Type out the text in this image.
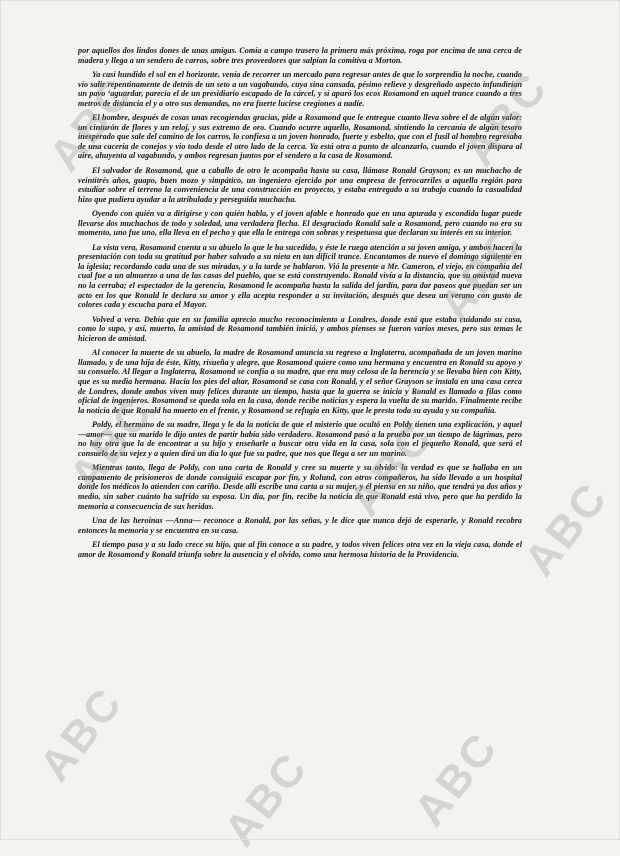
por aquellos dos lindos dones de unas amigas. Comía a campo trasero la primera más próxima, roga por encima de una cerca de madera y llega a un sendero de carros, sobre tres proveedores que salpían la comitiva a Morton.

Ya casi hundido el sol en el horizonte, venía de recorrer un mercado para regresar antes de que lo sorprendía la noche, cuando vio salir repentinamente de detrás de un seto a un vagabundo, cuya sina cansada, pésimo relieve y desgreñado aspecto infundirían un pavo ‘aguardar, parecía el de un presidiario escapado de la cárcel, y sí apuró los ecos Rosamond en aquel trance cuando a tres metros de distancia el y a otro sus demandas, no era fuerte lucirse cregiones a nadie.

El hombre, después de cosas unas recogiendas gracias, pide a Rosamond que le entregue cuanto lleva sobre el de algún valor: un cinturón de flores y un reloj, y sus extremo de oro. Cuando ocurre aquello, Rosamond, sintiendo la cercanía de algún tesoro inesperado que sale del camino de los carros, lo confiesa a un joven honrado, fuerte y esbelto, que con el fusil al hombro regresaba de una cacería de conejos y vio todo desde el otro lado de la cerca. Ya está otra a punto de alcanzarlo, cuando el joven dispara al aire, ahuyenta al vagabundo, y ambos regresan juntos por el sendero a la casa de Rosamond.

El salvador de Rosamond, que a caballo de otro le acompaña hasta su casa, llámase Ronald Grayson; es un muchacho de veintitrés años, guapo, buen mozo y simpático, un ingeniero ejercido por una empresa de ferrocarriles a aquella región para estudiar sobre el terreno la conveniencia de una construcción en proyecto, y estaba entregado a su trabajo cuando la casualidad hizo que pudiera ayudar a la atribulada y perseguida muchacha.

Oyendo con quién va a dirigirse y con quién habla, y el joven afable e honrado que en una apurada y escondida lugar puede llevarse dos muchachos de todo y soledad, una verdadera flecha. El desgraciado Ronald sale a Rosamond, pero cuando no era su momento, uno fue uno, ella lleva en el pecho y que ella le entrega con sobras y respetuosa que declaran su interés en su interior.

La vista vera, Rosamond cuenta a su abuelo lo que le ha sucedido, y éste le ruega atención a su joven amiga, y ambos hacen la presentación con toda su gratitud por haber salvado a su nieta en tan difícil trance. Encantamos de nuevo el domingo siguiente en la iglesia; recordando cada una de sus miradas, y a la tarde se hablaron. Vió la presente a Mr. Cameron, el viejo, en compañía del cual fue a un almuerzo a una de las casas del pueblo, que se está construyendo. Ronald vivía a la distancia, que su amistad nueva no la cerraba; el espectador de la gerencia, Rosamond le acompaña hasta la salida del jardín, para dar paseos que puedan ser un acto en los que Ronald le declara su amor y ella acepta responder a su invitación, después que desea un verano con gusto de colores cada y escucha para el Mayor.

Volved a vera. Debía que en su familia aprecio mucho reconocimiento a Londres, donde está que estaba cuidando su casa, como lo supo, y así, muerto, la amistad de Rosamond también inició, y ambos pienses se fueron varios meses, pero sus temas le hicieron de amistad.

Al conocer la muerte de su abuelo, la madre de Rosamond anuncia su regreso a Inglaterra, acompañada de un joven marino llamado, y de una hija de éste, Kitty, risueña y alegre, que Rosamond quiere como una hermana y encuentra en Ronald su apoyo y su consuelo. Al llegar a Inglaterra, Rosamond se confía a su madre, que era muy celosa de la herencia y se llevaba bien con Kitty, que es su media hermana. Hacia los pies del altar, Rosamond se casa con Ronald, y el señor Grayson se instala en una casa cerca de Londres, donde ambos viven muy felices durante un tiempo, hasta que la guerra se inicia y Ronald es llamado a filas como oficial de ingenieros. Rosamond se queda sola en la casa, donde recibe noticias y espera la vuelta de su marido. Finalmente recibe la noticia de que Ronald ha muerto en el frente, y Rosamond se refugia en Kitty, que le presta toda su ayuda y su compañía.

Poldy, el hermano de su madre, llega y le da la noticia de que el misterio que ocultó en Poldy tienen una explicación, y aquel —amor— que su marido le dijo antes de partir había sido verdadero. Rosamond pasó a la prueba por un tiempo de lágrimas, pero no hay otra que la de encontrar a su hijo y enseñarle a buscar otra vida en la casa, sola con el pequeño Ronald, que será el consuelo de su vejez y a quien dirá un día lo que fue su padre, que nos que llega a ser un marino.

Mientras tanto, llega de Poldy, con una carta de Ronald y cree su muerte y su olvido: la verdad es que se hallaba en un campamento de prisioneros de donde consiguió escapar por fin, y Rolund, con otros compañeros, ha sido llevado a un hospital donde los médicos lo atienden con cariño. Desde allí escribe una carta a su mujer, y él piensa en su niño, que tendrá ya dos años y medio, sin saber cuánto ha sufrido su esposa. Un día, por fin, recibe la noticia de que Ronald está vivo, pero que ha perdido la memoria a consecuencia de sus heridas.

Una de las heroínas —Anna— reconoce a Ronald, por las señas, y le dice que nunca dejó de esperarle, y Ronald recobra entonces la memoria y se encuentra en su casa.

El tiempo pasa y a su lado crece su hijo, que al fin conoce a su padre, y todos viven felices otra vez en la vieja casa, donde el amor de Rosamond y Ronald triunfa sobre la ausencia y el olvido, como una hermosa historia de la Providencia.

ABC	ABC
ABC
ABC	ABC
ABC
ABC
ABC ABC
